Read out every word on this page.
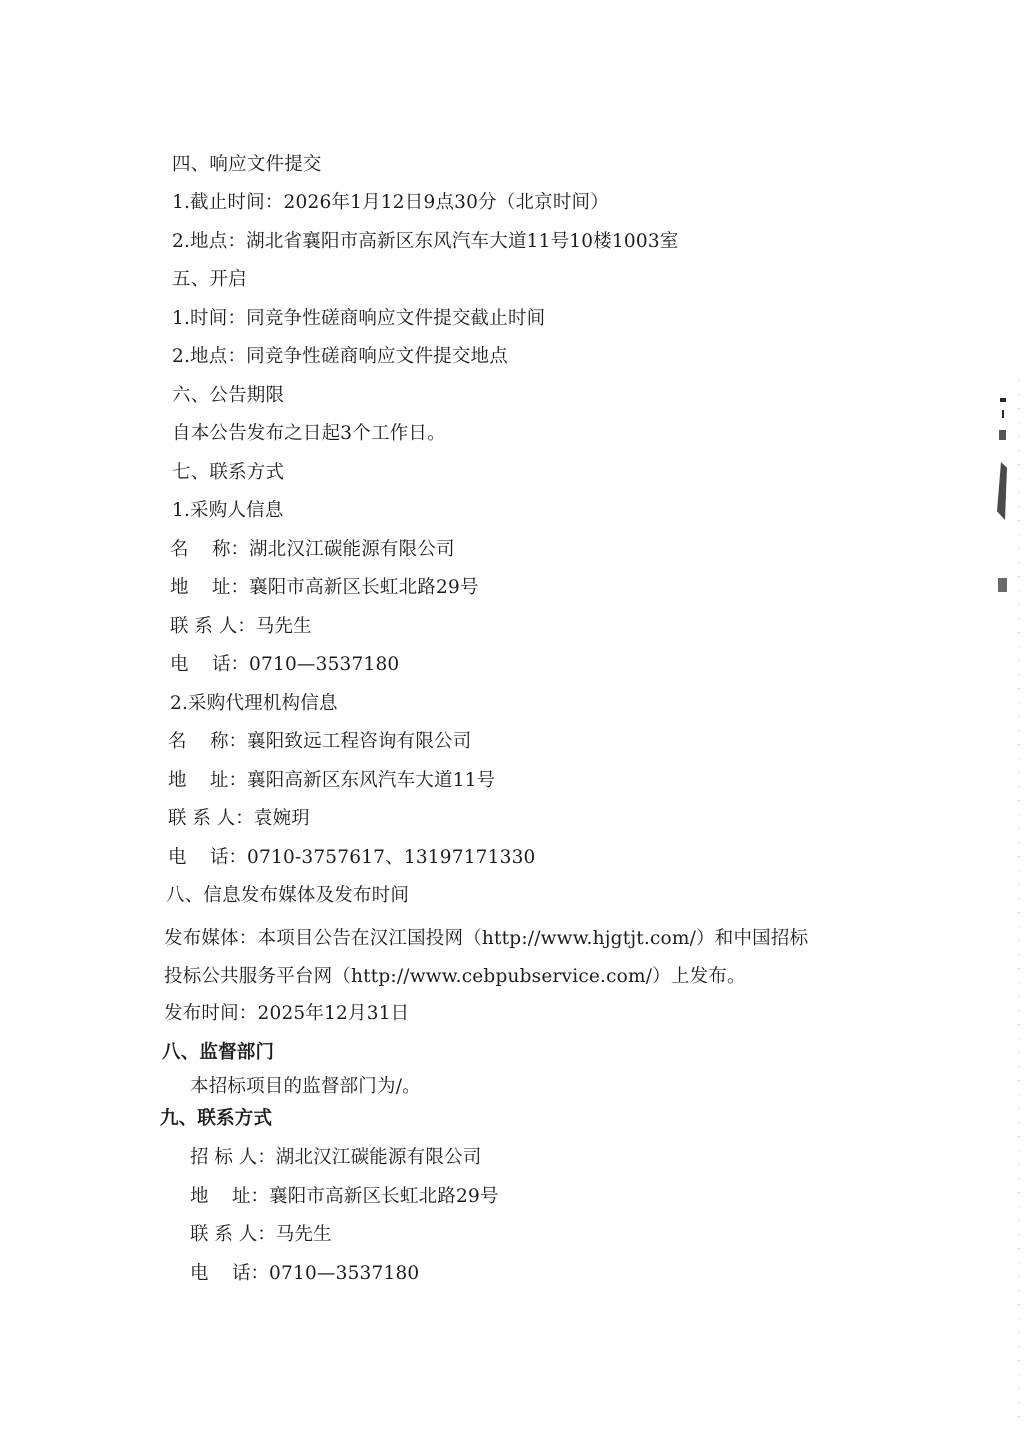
四、响应文件提交
1.截止时间：2026年1月12日9点30分（北京时间）
2.地点：湖北省襄阳市高新区东风汽车大道11号10楼1003室
五、开启
1.时间：同竞争性磋商响应文件提交截止时间
2.地点：同竞争性磋商响应文件提交地点
六、公告期限
自本公告发布之日起3个工作日。
七、联系方式
1.采购人信息
名    称：湖北汉江碳能源有限公司
地    址：襄阳市高新区长虹北路29号
联 系 人：马先生
电    话：0710—3537180
2.采购代理机构信息
名    称：襄阳致远工程咨询有限公司
地    址：襄阳高新区东风汽车大道11号
联 系 人：袁婉玥
电    话：0710-3757617、13197171330
八、信息发布媒体及发布时间
发布媒体：本项目公告在汉江国投网（http://www.hjgtjt.com/）和中国招标
投标公共服务平台网（http://www.cebpubservice.com/）上发布。
发布时间：2025年12月31日
八、监督部门
本招标项目的监督部门为/。
九、联系方式
招 标 人：湖北汉江碳能源有限公司
地    址：襄阳市高新区长虹北路29号
联 系 人：马先生
电    话：0710—3537180
